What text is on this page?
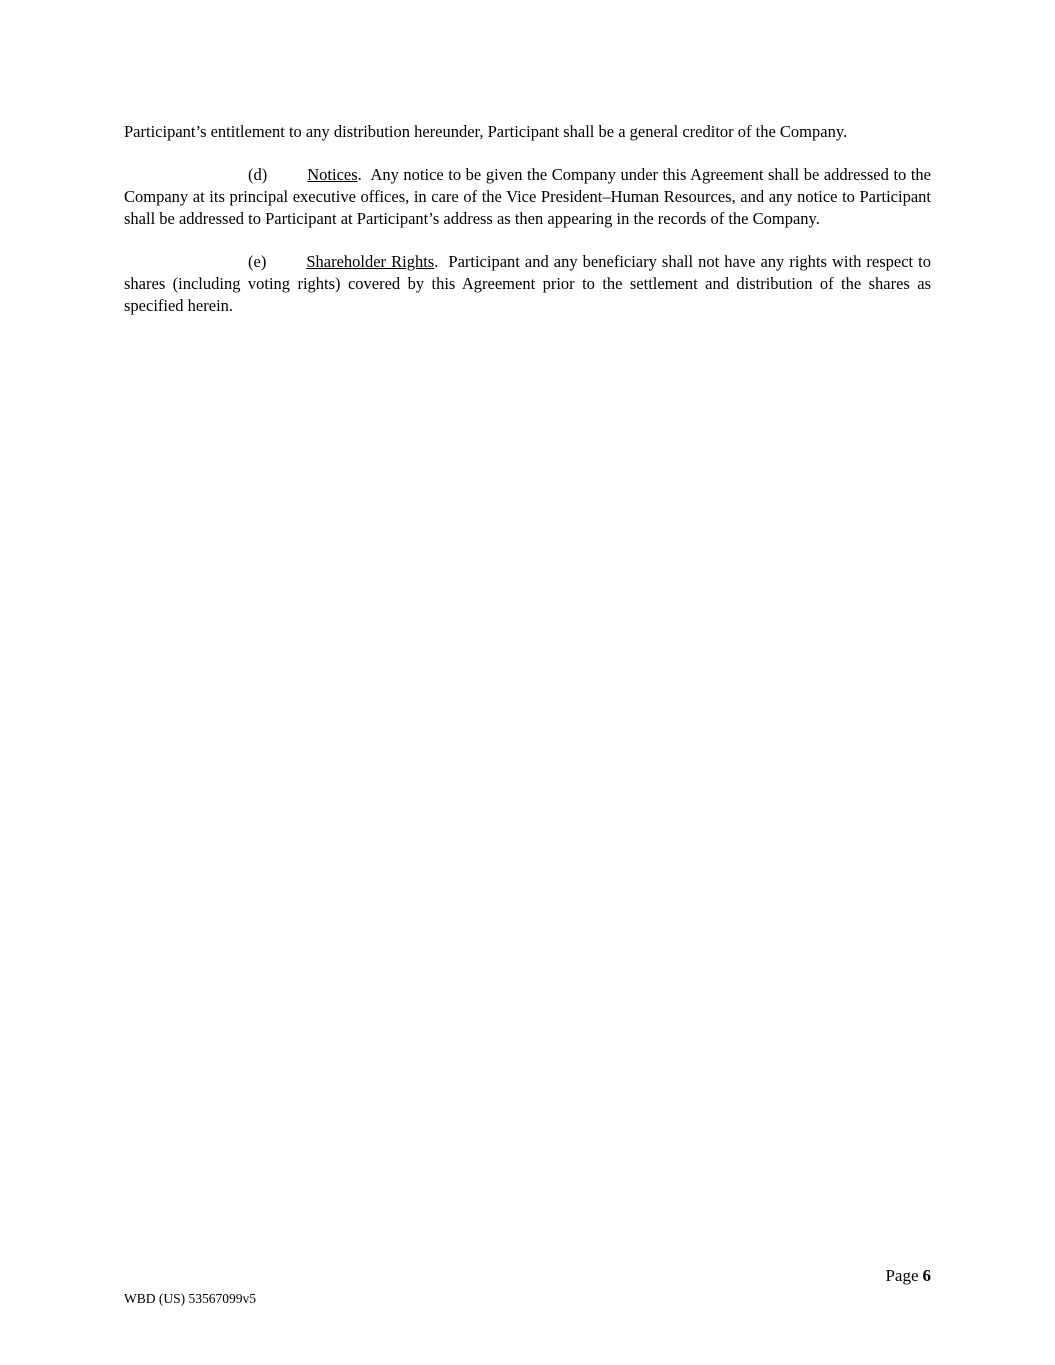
Participant’s entitlement to any distribution hereunder, Participant shall be a general creditor of the Company.

(d) Notices. Any notice to be given the Company under this Agreement shall be addressed to the Company at its principal executive offices, in care of the Vice President–Human Resources, and any notice to Participant shall be addressed to Participant at Participant’s address as then appearing in the records of the Company.

(e) Shareholder Rights. Participant and any beneficiary shall not have any rights with respect to shares (including voting rights) covered by this Agreement prior to the settlement and distribution of the shares as specified herein.

Page 6
WBD (US) 53567099v5
